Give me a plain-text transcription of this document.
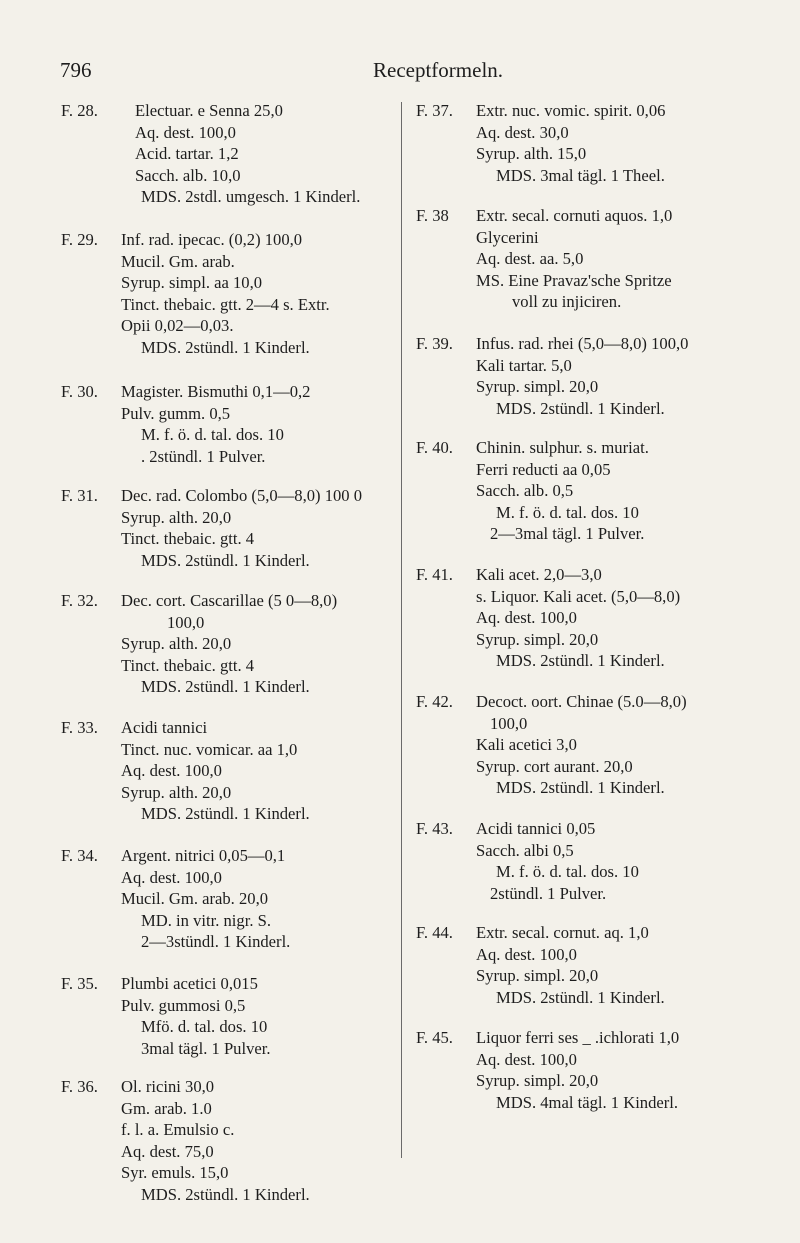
796	Receptformeln.
F. 28.	Electuar. e Senna 25,0
Aq. dest. 100,0
Acid. tartar. 1,2
Sacch. alb. 10,0
MDS. 2stdl. umgesch. 1 Kinderl.
F. 29. Inf. rad. ipecac. (0,2) 100,0
Mucil. Gm. arab.
Syrup. simpl. aa 10,0
Tinct. thebaic. gtt. 2—4 s. Extr.
Opii 0,02—0,03.
MDS. 2stündl. 1 Kinderl.
F. 30. Magister. Bismuthi 0,1—0,2
Pulv. gumm. 0,5
M. f. ö. d. tal. dos. 10
. 2stündl. 1 Pulver.
F. 31. Dec. rad. Colombo (5,0—8,0) 100 0
Syrup. alth. 20,0
Tinct. thebaic. gtt. 4
MDS. 2stündl. 1 Kinderl.
F. 32. Dec. cort. Cascarillae (5 0—8,0)
100,0
Syrup. alth. 20,0
Tinct. thebaic. gtt. 4
MDS. 2stündl. 1 Kinderl.
F. 33. Acidi tannici
Tinct. nuc. vomicar. aa 1,0
Aq. dest. 100,0
Syrup. alth. 20,0
MDS. 2stündl. 1 Kinderl.
F. 34. Argent. nitrici 0,05—0,1
Aq. dest. 100,0
Mucil. Gm. arab. 20,0
MD. in vitr. nigr. S.
2—3stündl. 1 Kinderl.
F. 35. Plumbi acetici 0,015
Pulv. gummosi 0,5
Mfö. d. tal. dos. 10
3mal tägl. 1 Pulver.
F. 36. Ol. ricini 30,0
Gm. arab. 1.0
f. l. a. Emulsio c.
Aq. dest. 75,0
Syr. emuls. 15,0
MDS. 2stündl. 1 Kinderl.
F. 37. Extr. nuc. vomic. spirit. 0,06
Aq. dest. 30,0
Syrup. alth. 15,0
MDS. 3mal tägl. 1 Theel.
F. 38 Extr. secal. cornuti aquos. 1,0
Glycerini
Aq. dest. aa. 5,0
MS. Eine Pravaz'sche Spritze
voll zu injiciren.
F. 39. Infus. rad. rhei (5,0—8,0) 100,0
Kali tartar. 5,0
Syrup. simpl. 20,0
MDS. 2stündl. 1 Kinderl.
F. 40. Chinin. sulphur. s. muriat.
Ferri reducti aa 0,05
Sacch. alb. 0,5
M. f. ö. d. tal. dos. 10
2—3mal tägl. 1 Pulver.
F. 41. Kali acet. 2,0—3,0
s. Liquor. Kali acet. (5,0—8,0)
Aq. dest. 100,0
Syrup. simpl. 20,0
MDS. 2stündl. 1 Kinderl.
F. 42. Decoct. oort. Chinae (5.0—8,0)
100,0
Kali acetici 3,0
Syrup. cort aurant. 20,0
MDS. 2stündl. 1 Kinderl.
F. 43. Acidi tannici 0,05
Sacch. albi 0,5
M. f. ö. d. tal. dos. 10
2stündl. 1 Pulver.
F. 44. Extr. secal. cornut. aq. 1,0
Aq. dest. 100,0
Syrup. simpl. 20,0
MDS. 2stündl. 1 Kinderl.
F. 45. Liquor ferri ses _ .ichlorati 1,0
Aq. dest. 100,0
Syrup. simpl. 20,0
MDS. 4mal tägl. 1 Kinderl.
